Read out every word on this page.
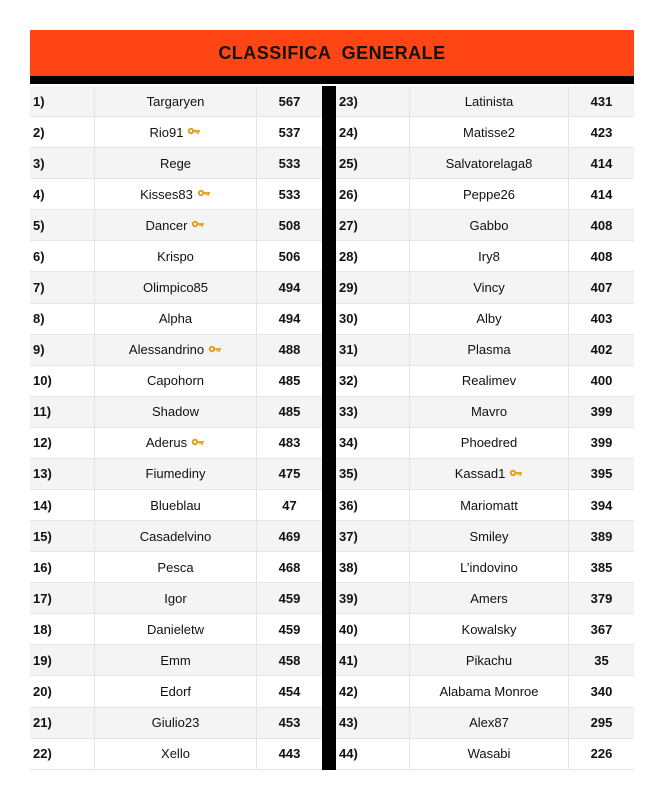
CLASSIFICA  GENERALE
1)	Targaryen	567
2)	Rio91	537
3)	Rege	533
4)	Kisses83	533
5)	Dancer	508
6)	Krispo	506
7)	Olimpico85	494
8)	Alpha	494
9)	Alessandrino	488
10)	Capohorn	485
11)	Shadow	485
12)	Aderus	483
13)	Fiumediny	475
14)	Blueblau	47
15)	Casadelvino	469
16)	Pesca	468
17)	Igor	459
18)	Danieletw	459
19)	Emm	458
20)	Edorf	454
21)	Giulio23	453
22)	Xello	443
23)	Latinista	431
24)	Matisse2	423
25)	Salvatorelaga8	414
26)	Peppe26	414
27)	Gabbo	408
28)	Iry8	408
29)	Vincy	407
30)	Alby	403
31)	Plasma	402
32)	Realimev	400
33)	Mavro	399
34)	Phoedred	399
35)	Kassad1	395
36)	Mariomatt	394
37)	Smiley	389
38)	L’indovino	385
39)	Amers	379
40)	Kowalsky	367
41)	Pikachu	35
42)	Alabama Monroe	340
43)	Alex87	295
44)	Wasabi	226
